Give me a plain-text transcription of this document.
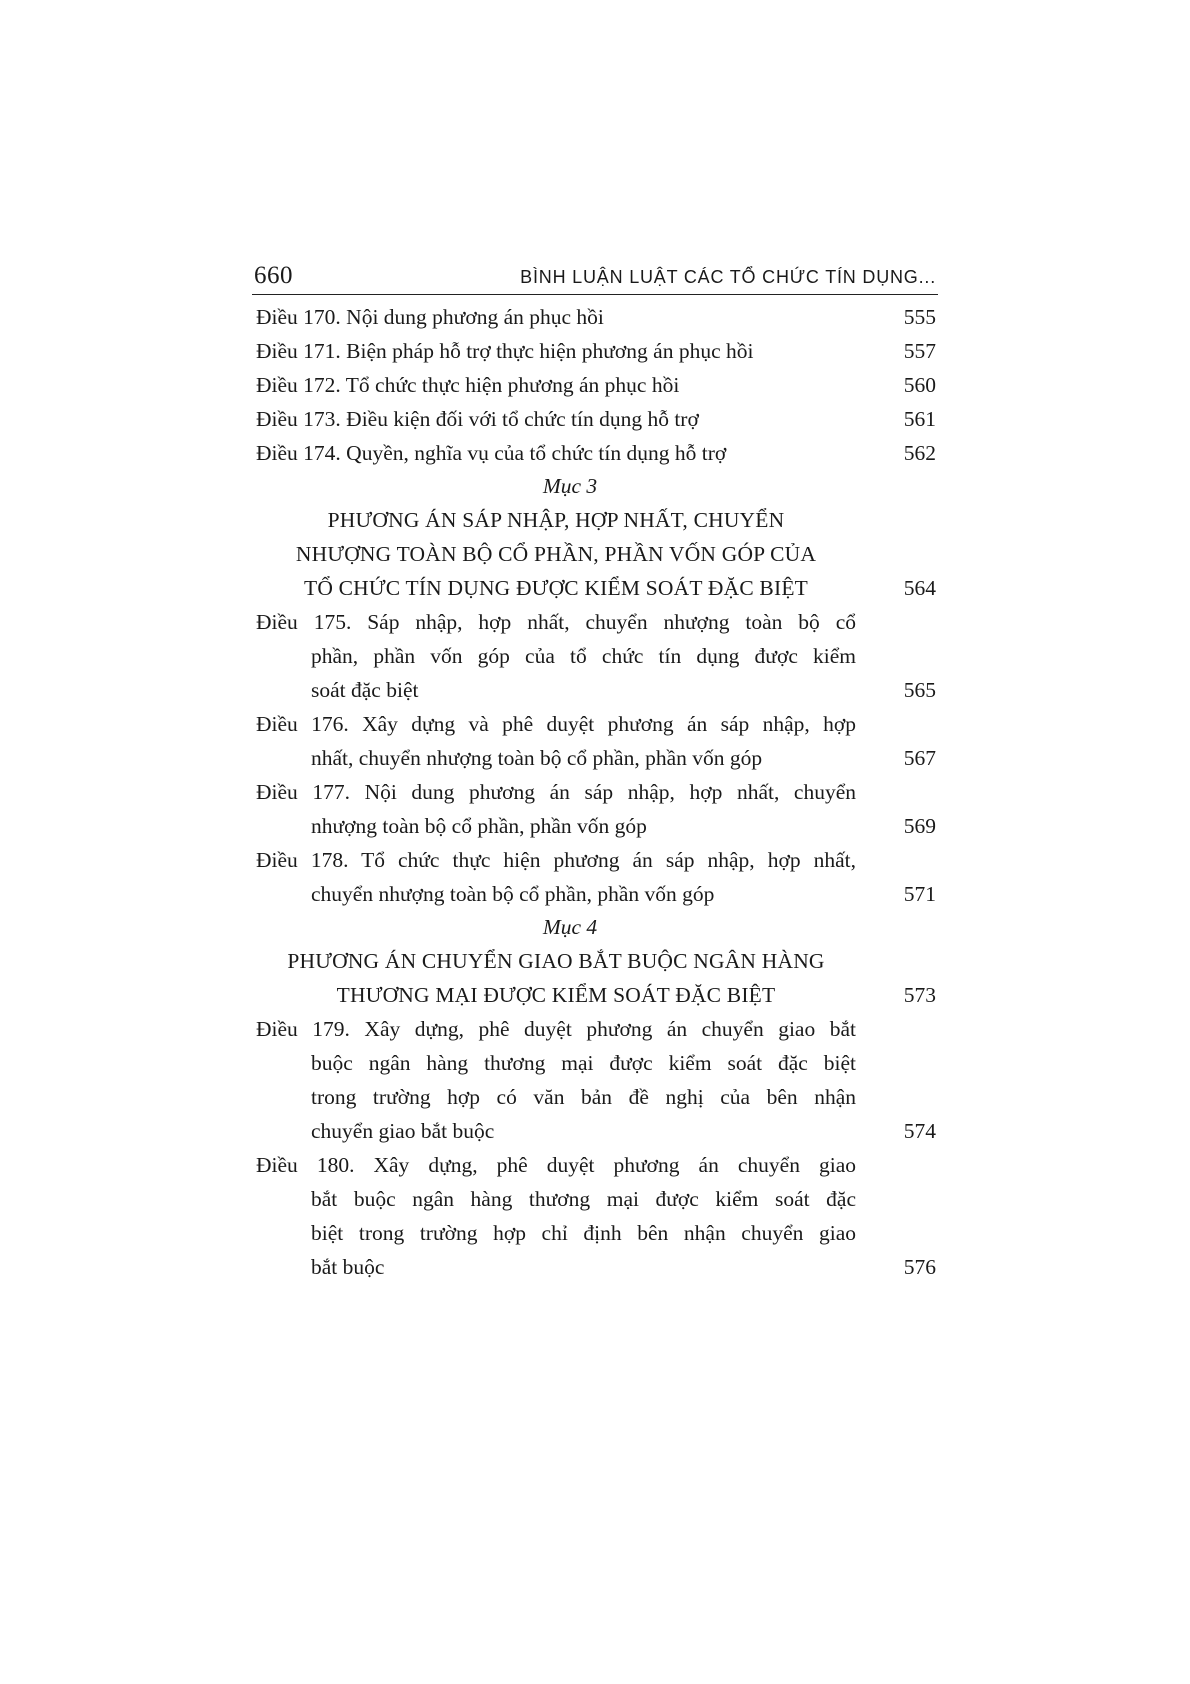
660	BÌNH LUẬN LUẬT CÁC TỔ CHỨC TÍN DỤNG...
Điều 170. Nội dung phương án phục hồi	555
Điều 171. Biện pháp hỗ trợ thực hiện phương án phục hồi	557
Điều 172. Tổ chức thực hiện phương án phục hồi	560
Điều 173. Điều kiện đối với tổ chức tín dụng hỗ trợ	561
Điều 174. Quyền, nghĩa vụ của tổ chức tín dụng hỗ trợ	562
Mục 3
PHƯƠNG ÁN SÁP NHẬP, HỢP NHẤT, CHUYỂN
NHƯỢNG TOÀN BỘ CỔ PHẦN, PHẦN VỐN GÓP CỦA
TỔ CHỨC TÍN DỤNG ĐƯỢC KIỂM SOÁT ĐẶC BIỆT	564
Điều 175. Sáp nhập, hợp nhất, chuyển nhượng toàn bộ cổ
phần, phần vốn góp của tổ chức tín dụng được kiểm
soát đặc biệt	565
Điều 176. Xây dựng và phê duyệt phương án sáp nhập, hợp
nhất, chuyển nhượng toàn bộ cổ phần, phần vốn góp	567
Điều 177. Nội dung phương án sáp nhập, hợp nhất, chuyển
nhượng toàn bộ cổ phần, phần vốn góp	569
Điều 178. Tổ chức thực hiện phương án sáp nhập, hợp nhất,
chuyển nhượng toàn bộ cổ phần, phần vốn góp	571
Mục 4
PHƯƠNG ÁN CHUYỂN GIAO BẮT BUỘC NGÂN HÀNG
THƯƠNG MẠI ĐƯỢC KIỂM SOÁT ĐẶC BIỆT	573
Điều 179. Xây dựng, phê duyệt phương án chuyển giao bắt
buộc ngân hàng thương mại được kiểm soát đặc biệt
trong trường hợp có văn bản đề nghị của bên nhận
chuyển giao bắt buộc	574
Điều 180. Xây dựng, phê duyệt phương án chuyển giao
bắt buộc ngân hàng thương mại được kiểm soát đặc
biệt trong trường hợp chỉ định bên nhận chuyển giao
bắt buộc	576
